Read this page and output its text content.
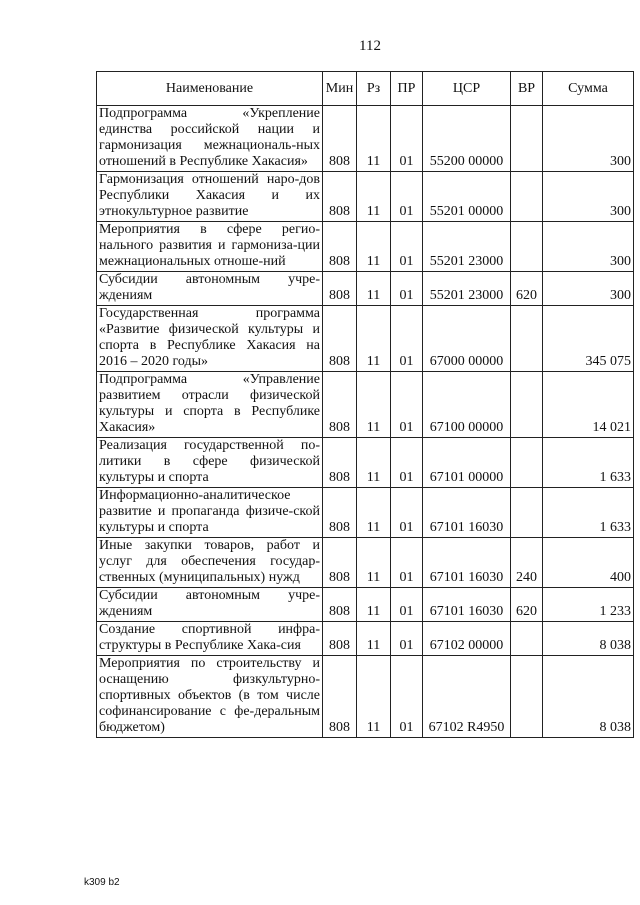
112
Наименование	Мин	Рз	ПР	ЦСР	ВР	Сумма
Подпрограмма «Укрепление единства российской нации и гармонизация межнациональ-ных отношений в Республике Хакасия»	808	11	01	55200 00000		300
Гармонизация отношений наро-дов Республики Хакасия и их этнокультурное развитие	808	11	01	55201 00000		300
Мероприятия в сфере регио-нального развития и гармониза-ции межнациональных отноше-ний	808	11	01	55201 23000		300
Субсидии автономным учре-ждениям	808	11	01	55201 23000	620	300
Государственная программа «Развитие физической культуры и спорта в Республике Хакасия на 2016 – 2020 годы»	808	11	01	67000 00000		345 075
Подпрограмма «Управление развитием отрасли физической культуры и спорта в Республике Хакасия»	808	11	01	67100 00000		14 021
Реализация государственной по-литики в сфере физической культуры и спорта	808	11	01	67101 00000		1 633
Информационно-аналитическое развитие и пропаганда физиче-ской культуры и спорта	808	11	01	67101 16030		1 633
Иные закупки товаров, работ и услуг для обеспечения государ-ственных (муниципальных) нужд	808	11	01	67101 16030	240	400
Субсидии автономным учре-ждениям	808	11	01	67101 16030	620	1 233
Создание спортивной инфра-структуры в Республике Хака-сия	808	11	01	67102 00000		8 038
Мероприятия по строительству и оснащению физкультурно-спортивных объектов (в том числе софинансирование с фе-деральным бюджетом)	808	11	01	67102 R4950		8 038
k309 b2
